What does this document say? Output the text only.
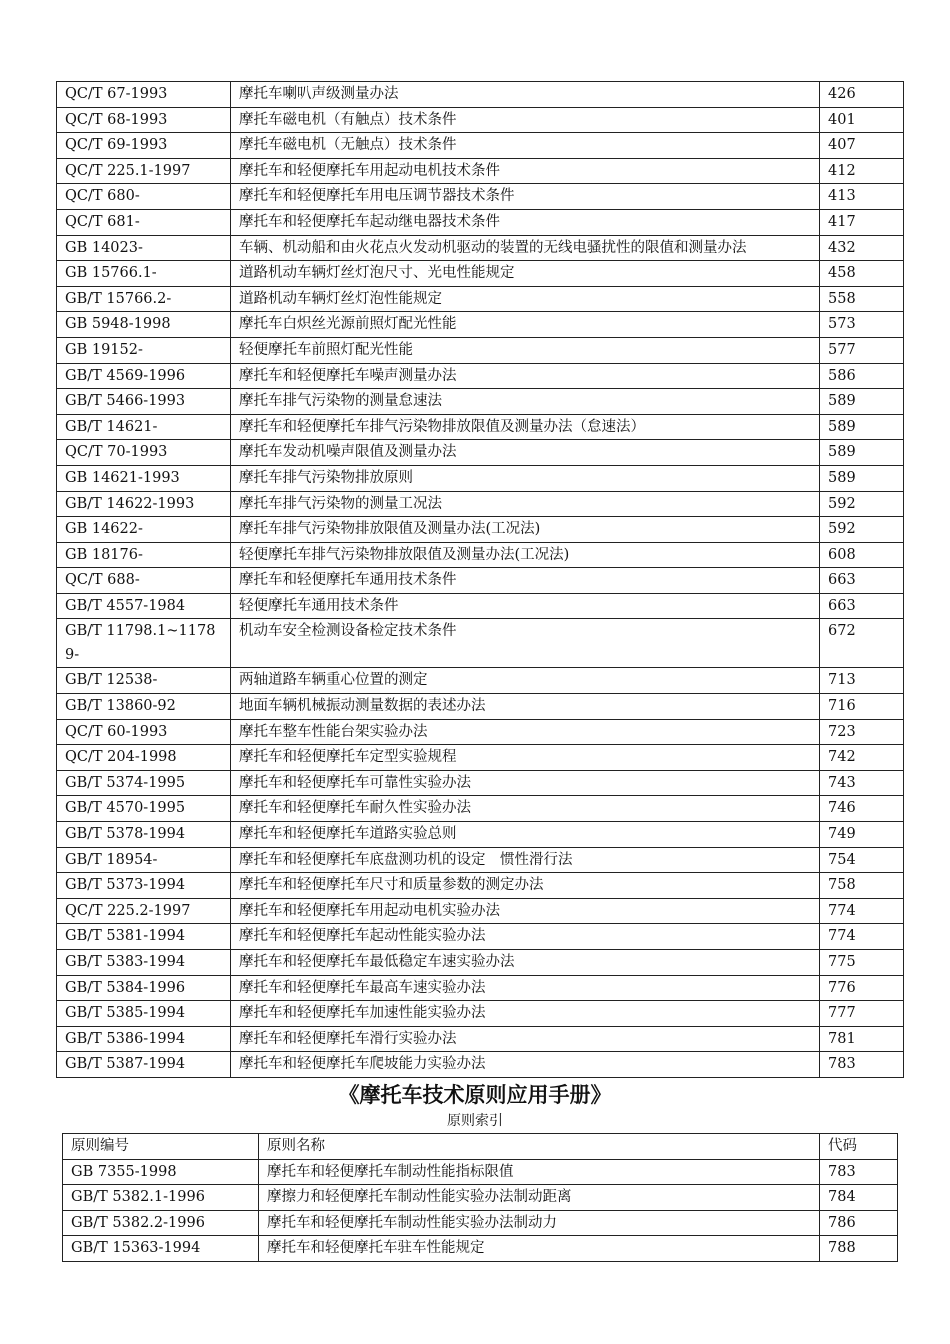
QC/T 67-1993	摩托车喇叭声级测量办法	426
QC/T 68-1993	摩托车磁电机（有触点）技术条件	401
QC/T 69-1993	摩托车磁电机（无触点）技术条件	407
QC/T 225.1-1997	摩托车和轻便摩托车用起动电机技术条件	412
QC/T 680-	摩托车和轻便摩托车用电压调节器技术条件	413
QC/T 681-	摩托车和轻便摩托车起动继电器技术条件	417
GB 14023-	车辆、机动船和由火花点火发动机驱动的装置的无线电骚扰性的限值和测量办法	432
GB 15766.1-	道路机动车辆灯丝灯泡尺寸、光电性能规定	458
GB/T 15766.2-	道路机动车辆灯丝灯泡性能规定	558
GB 5948-1998	摩托车白炽丝光源前照灯配光性能	573
GB 19152-	轻便摩托车前照灯配光性能	577
GB/T 4569-1996	摩托车和轻便摩托车噪声测量办法	586
GB/T 5466-1993	摩托车排气污染物的测量怠速法	589
GB/T 14621-	摩托车和轻便摩托车排气污染物排放限值及测量办法（怠速法）	589
QC/T 70-1993	摩托车发动机噪声限值及测量办法	589
GB 14621-1993	摩托车排气污染物排放原则	589
GB/T 14622-1993	摩托车排气污染物的测量工况法	592
GB 14622-	摩托车排气污染物排放限值及测量办法(工况法)	592
GB 18176-	轻便摩托车排气污染物排放限值及测量办法(工况法)	608
QC/T 688-	摩托车和轻便摩托车通用技术条件	663
GB/T 4557-1984	轻便摩托车通用技术条件	663
GB/T 11798.1~11789-	机动车安全检测设备检定技术条件	672
GB/T 12538-	两轴道路车辆重心位置的测定	713
GB/T 13860-92	地面车辆机械振动测量数据的表述办法	716
QC/T 60-1993	摩托车整车性能台架实验办法	723
QC/T 204-1998	摩托车和轻便摩托车定型实验规程	742
GB/T 5374-1995	摩托车和轻便摩托车可靠性实验办法	743
GB/T 4570-1995	摩托车和轻便摩托车耐久性实验办法	746
GB/T 5378-1994	摩托车和轻便摩托车道路实验总则	749
GB/T 18954-	摩托车和轻便摩托车底盘测功机的设定　惯性滑行法	754
GB/T 5373-1994	摩托车和轻便摩托车尺寸和质量参数的测定办法	758
QC/T 225.2-1997	摩托车和轻便摩托车用起动电机实验办法	774
GB/T 5381-1994	摩托车和轻便摩托车起动性能实验办法	774
GB/T 5383-1994	摩托车和轻便摩托车最低稳定车速实验办法	775
GB/T 5384-1996	摩托车和轻便摩托车最高车速实验办法	776
GB/T 5385-1994	摩托车和轻便摩托车加速性能实验办法	777
GB/T 5386-1994	摩托车和轻便摩托车滑行实验办法	781
GB/T 5387-1994	摩托车和轻便摩托车爬坡能力实验办法	783
《摩托车技术原则应用手册》
原则索引
原则编号	原则名称	代码
GB 7355-1998	摩托车和轻便摩托车制动性能指标限值	783
GB/T 5382.1-1996	摩擦力和轻便摩托车制动性能实验办法制动距离	784
GB/T 5382.2-1996	摩托车和轻便摩托车制动性能实验办法制动力	786
GB/T 15363-1994	摩托车和轻便摩托车驻车性能规定	788
